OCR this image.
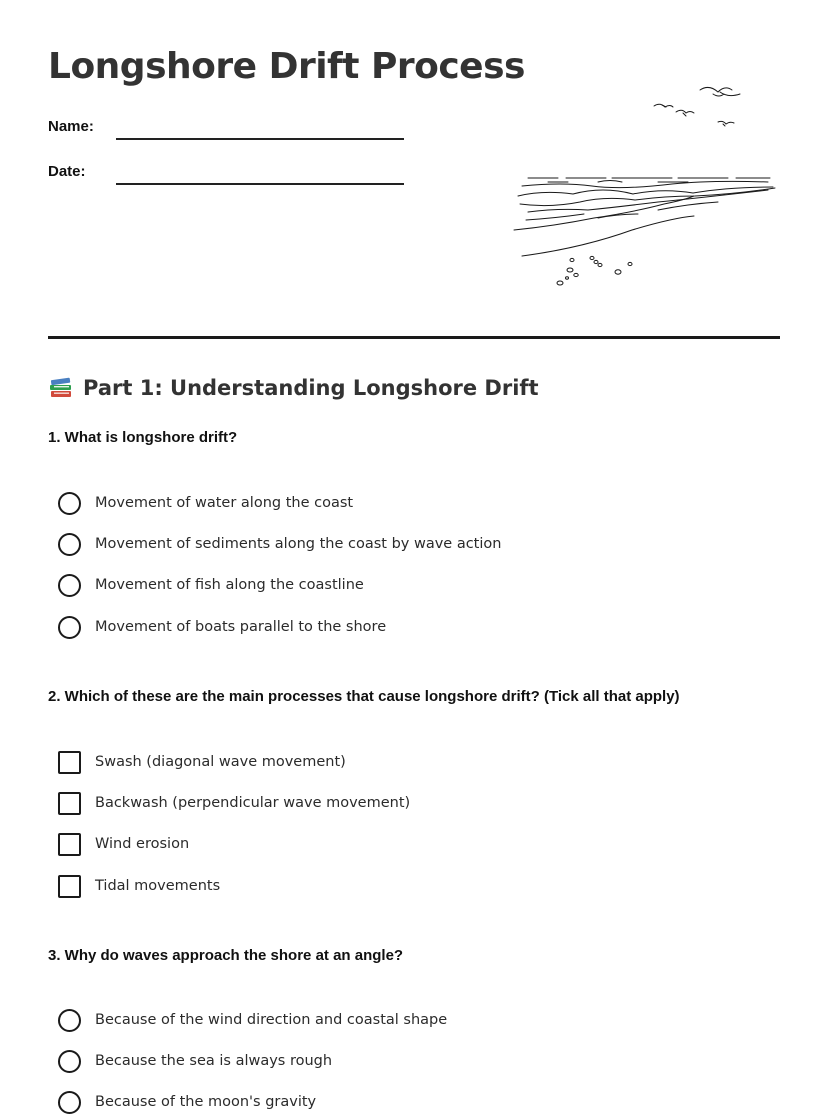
Longshore Drift Process
Name:
Date:
Part 1: Understanding Longshore Drift

1. What is longshore drift?

Movement of water along the coast
Movement of sediments along the coast by wave action
Movement of fish along the coastline
Movement of boats parallel to the shore

2. Which of these are the main processes that cause longshore drift? (Tick all that apply)

Swash (diagonal wave movement)
Backwash (perpendicular wave movement)
Wind erosion
Tidal movements

3. Why do waves approach the shore at an angle?

Because of the wind direction and coastal shape
Because the sea is always rough
Because of the moon's gravity
